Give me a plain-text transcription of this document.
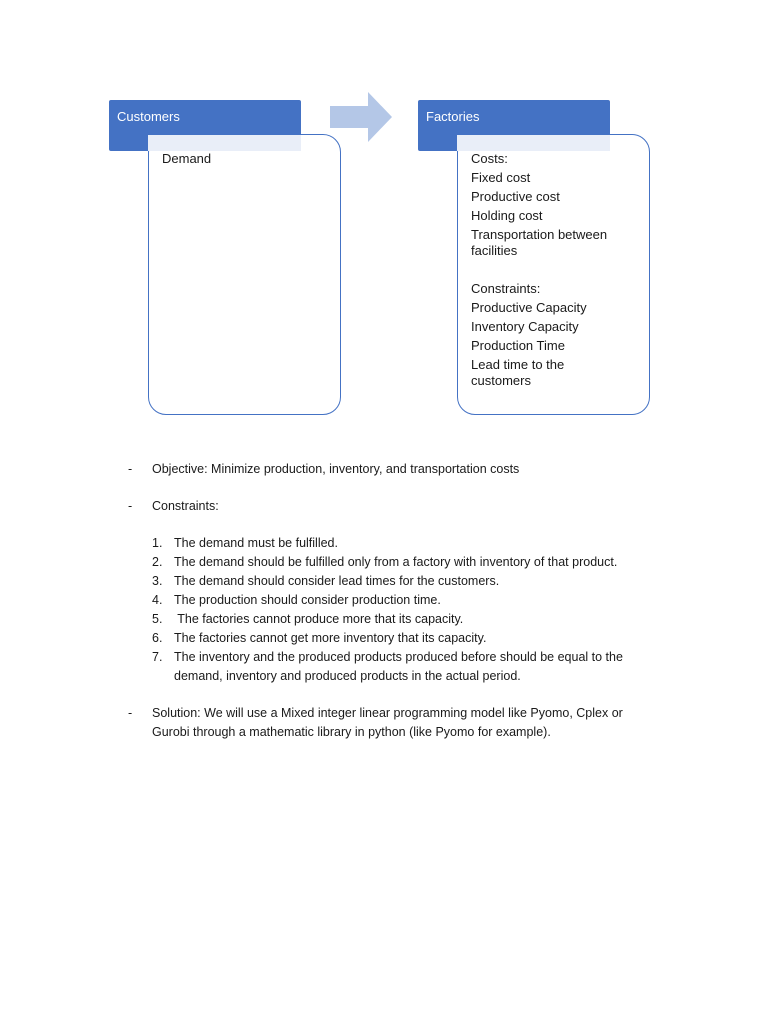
Customers
Demand
Factories
Costs:
Fixed cost
Productive cost
Holding cost
Transportation between
facilities
Constraints:
Productive Capacity
Inventory Capacity
Production Time
Lead time to the
customers
- Objective: Minimize production, inventory, and transportation costs
- Constraints:
1. The demand must be fulfilled.
2. The demand should be fulfilled only from a factory with inventory of that product.
3. The demand should consider lead times for the customers.
4. The production should consider production time.
5. The factories cannot produce more that its capacity.
6. The factories cannot get more inventory that its capacity.
7. The inventory and the produced products produced before should be equal to the demand, inventory and produced products in the actual period.
- Solution: We will use a Mixed integer linear programming model like Pyomo, Cplex or Gurobi through a mathematic library in python (like Pyomo for example).
